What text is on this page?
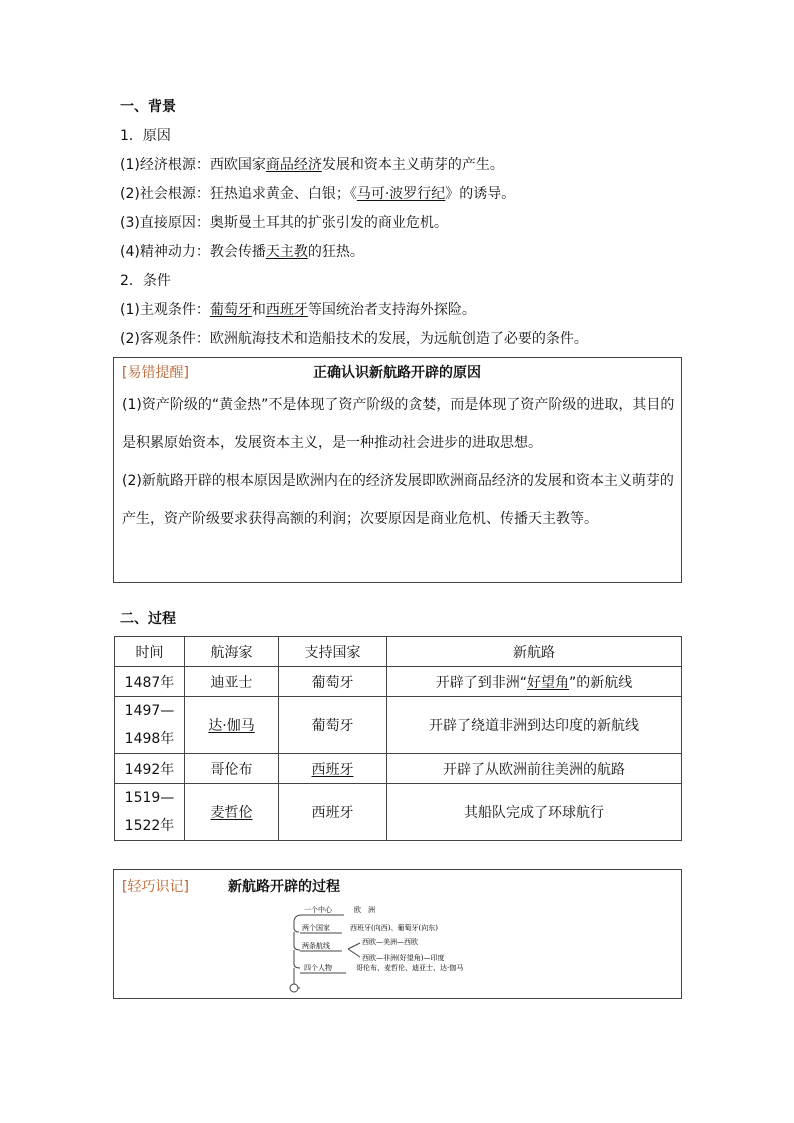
一、背景
1．原因
(1)经济根源：西欧国家商品经济发展和资本主义萌芽的产生。
(2)社会根源：狂热追求黄金、白银；《马可·波罗行纪》的诱导。
(3)直接原因：奥斯曼土耳其的扩张引发的商业危机。
(4)精神动力：教会传播天主教的狂热。
2．条件
(1)主观条件：葡萄牙和西班牙等国统治者支持海外探险。
(2)客观条件：欧洲航海技术和造船技术的发展，为远航创造了必要的条件。
[易错提醒]	正确认识新航路开辟的原因
(1)资产阶级的“黄金热”不是体现了资产阶级的贪婪，而是体现了资产阶级的进取，其目的是积累原始资本，发展资本主义，是一种推动社会进步的进取思想。
(2)新航路开辟的根本原因是欧洲内在的经济发展即欧洲商品经济的发展和资本主义萌芽的产生，资产阶级要求获得高额的利润；次要原因是商业危机、传播天主教等。
二、过程
时间	航海家	支持国家	新航路
1487年	迪亚士	葡萄牙	开辟了到非洲“好望角”的新航线
1497—1498年	达·伽马	葡萄牙	开辟了绕道非洲到达印度的新航线
1492年	哥伦布	西班牙	开辟了从欧洲前往美洲的航路
1519—1522年	麦哲伦	西班牙	其船队完成了环球航行
[轻巧识记]	新航路开辟的过程
一个中心	欧　洲
两个国家	西班牙(向西)、葡萄牙(向东)
两条航线	西欧—美洲—西欧
西欧—非洲(好望角)—印度
四个人物	哥伦布、麦哲伦、迪亚士、达·伽马
